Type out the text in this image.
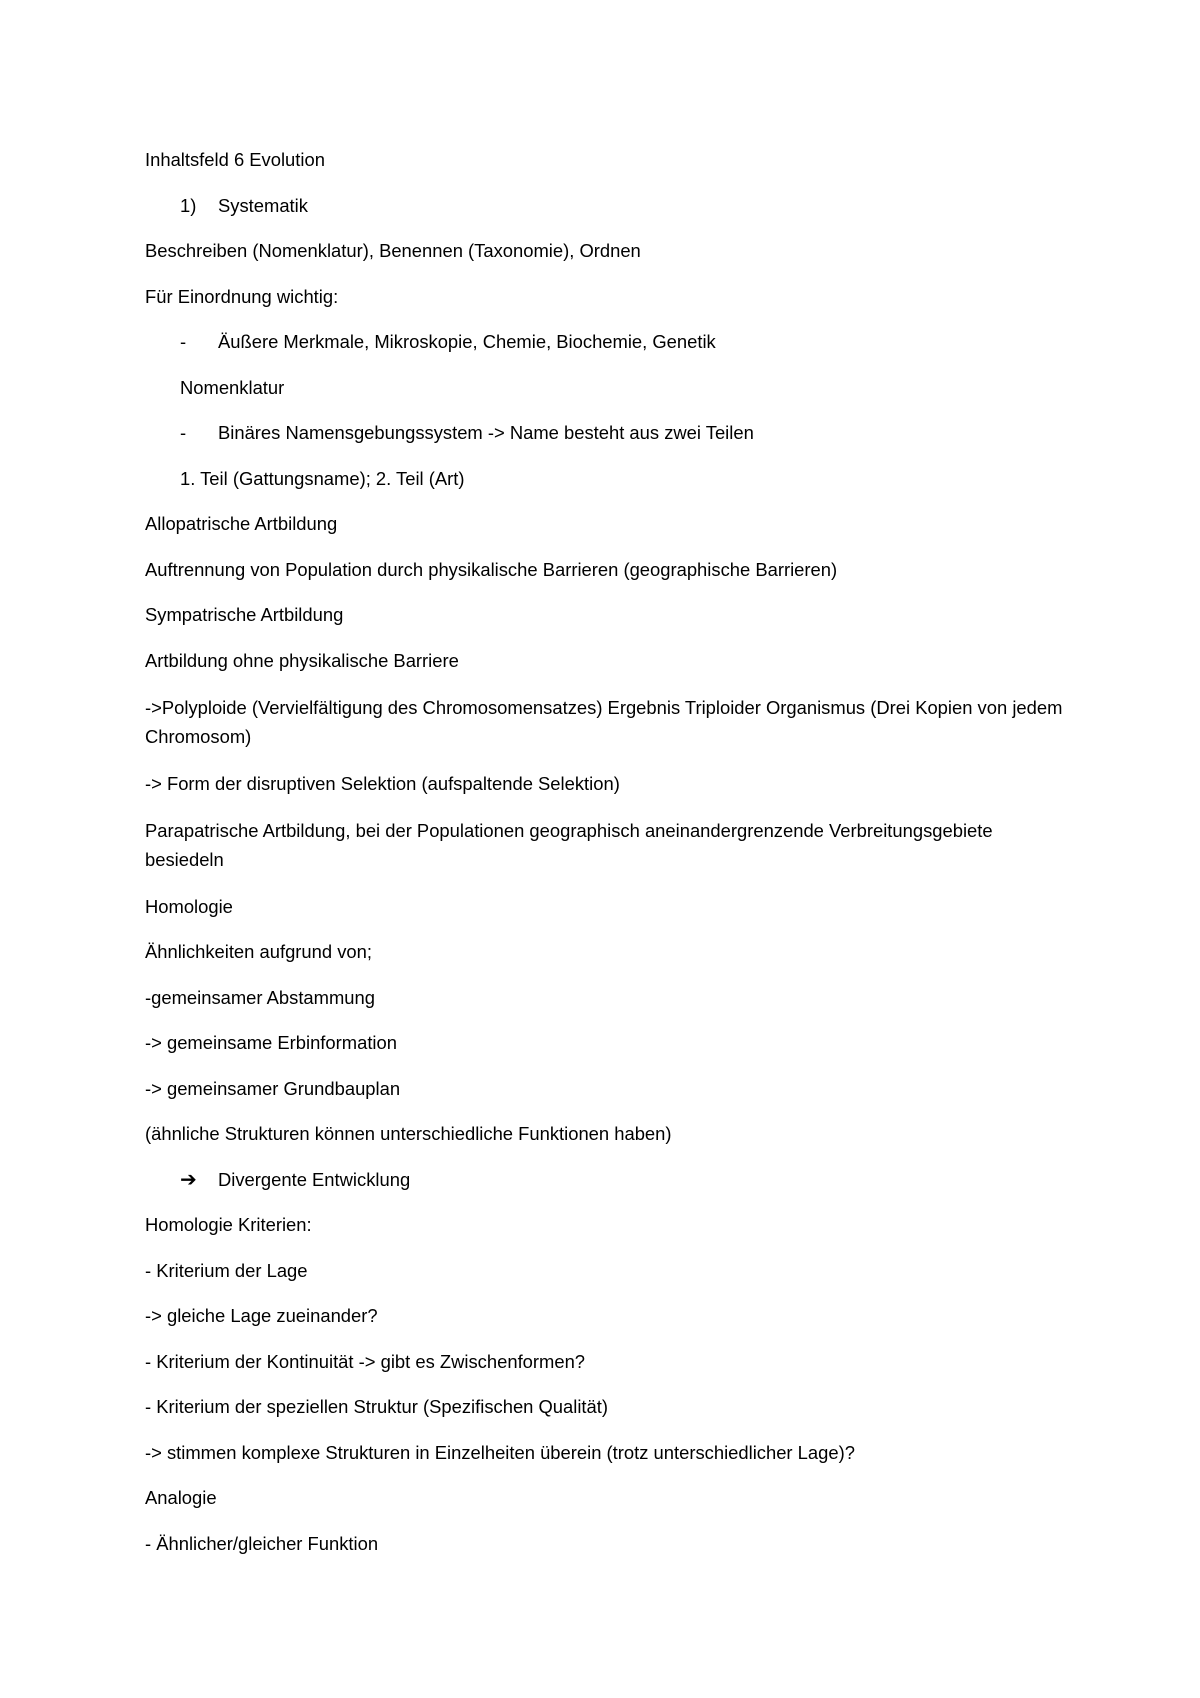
Inhaltsfeld 6 Evolution
1)	Systematik
Beschreiben (Nomenklatur), Benennen (Taxonomie), Ordnen
Für Einordnung wichtig:
-	Äußere Merkmale, Mikroskopie, Chemie, Biochemie, Genetik
Nomenklatur
-	Binäres Namensgebungssystem -> Name besteht aus zwei Teilen
1. Teil (Gattungsname); 2. Teil (Art)
Allopatrische Artbildung
Auftrennung von Population durch physikalische Barrieren (geographische Barrieren)
Sympatrische Artbildung
Artbildung ohne physikalische Barriere
->Polyploide (Vervielfältigung des Chromosomensatzes) Ergebnis Triploider Organismus (Drei Kopien von jedem Chromosom)
-> Form der disruptiven Selektion (aufspaltende Selektion)
Parapatrische Artbildung, bei der Populationen geographisch aneinandergrenzende Verbreitungsgebiete besiedeln
Homologie
Ähnlichkeiten aufgrund von;
-gemeinsamer Abstammung
-> gemeinsame Erbinformation
-> gemeinsamer Grundbauplan
(ähnliche Strukturen können unterschiedliche Funktionen haben)
➔	Divergente Entwicklung
Homologie Kriterien:
- Kriterium der Lage
-> gleiche Lage zueinander?
- Kriterium der Kontinuität -> gibt es Zwischenformen?
- Kriterium der speziellen Struktur (Spezifischen Qualität)
-> stimmen komplexe Strukturen in Einzelheiten überein (trotz unterschiedlicher Lage)?
Analogie
- Ähnlicher/gleicher Funktion
